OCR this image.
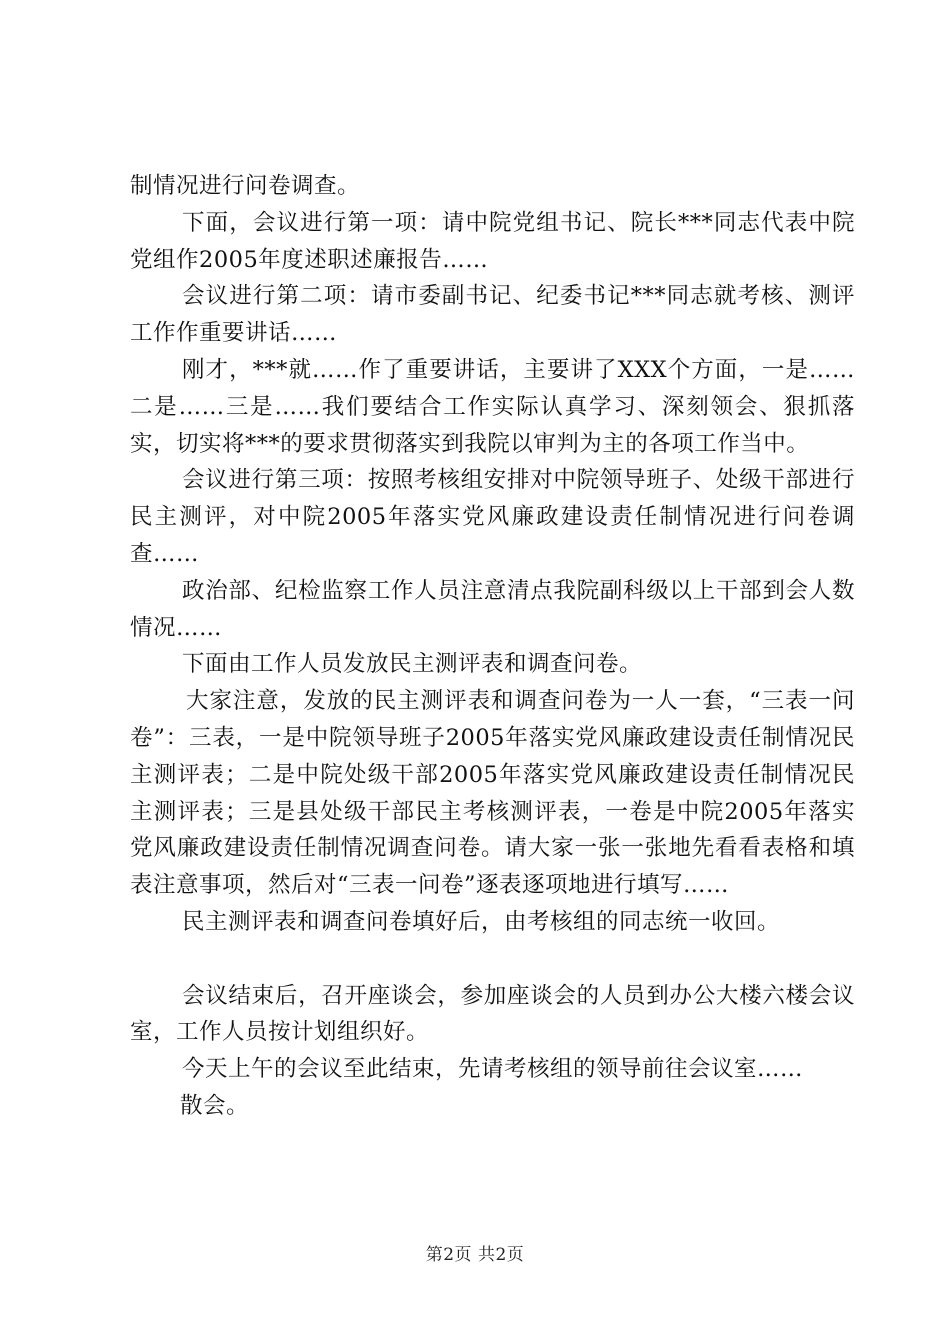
制情况进行问卷调查。

下面，会议进行第一项：请中院党组书记、院长***同志代表中院党组作2005年度述职述廉报告……

会议进行第二项：请市委副书记、纪委书记***同志就考核、测评工作作重要讲话……

刚才，***就……作了重要讲话，主要讲了XXX个方面，一是……二是……三是……我们要结合工作实际认真学习、深刻领会、狠抓落实，切实将***的要求贯彻落实到我院以审判为主的各项工作当中。

会议进行第三项：按照考核组安排对中院领导班子、处级干部进行民主测评，对中院2005年落实党风廉政建设责任制情况进行问卷调查……

政治部、纪检监察工作人员注意清点我院副科级以上干部到会人数情况……

下面由工作人员发放民主测评表和调查问卷。

大家注意，发放的民主测评表和调查问卷为一人一套，“三表一问卷”：三表，一是中院领导班子2005年落实党风廉政建设责任制情况民主测评表；二是中院处级干部2005年落实党风廉政建设责任制情况民主测评表；三是县处级干部民主考核测评表，一卷是中院2005年落实党风廉政建设责任制情况调查问卷。请大家一张一张地先看看表格和填表注意事项，然后对“三表一问卷”逐表逐项地进行填写……

民主测评表和调查问卷填好后，由考核组的同志统一收回。

会议结束后，召开座谈会，参加座谈会的人员到办公大楼六楼会议室，工作人员按计划组织好。

今天上午的会议至此结束，先请考核组的领导前往会议室……

散会。

第2页 共2页
